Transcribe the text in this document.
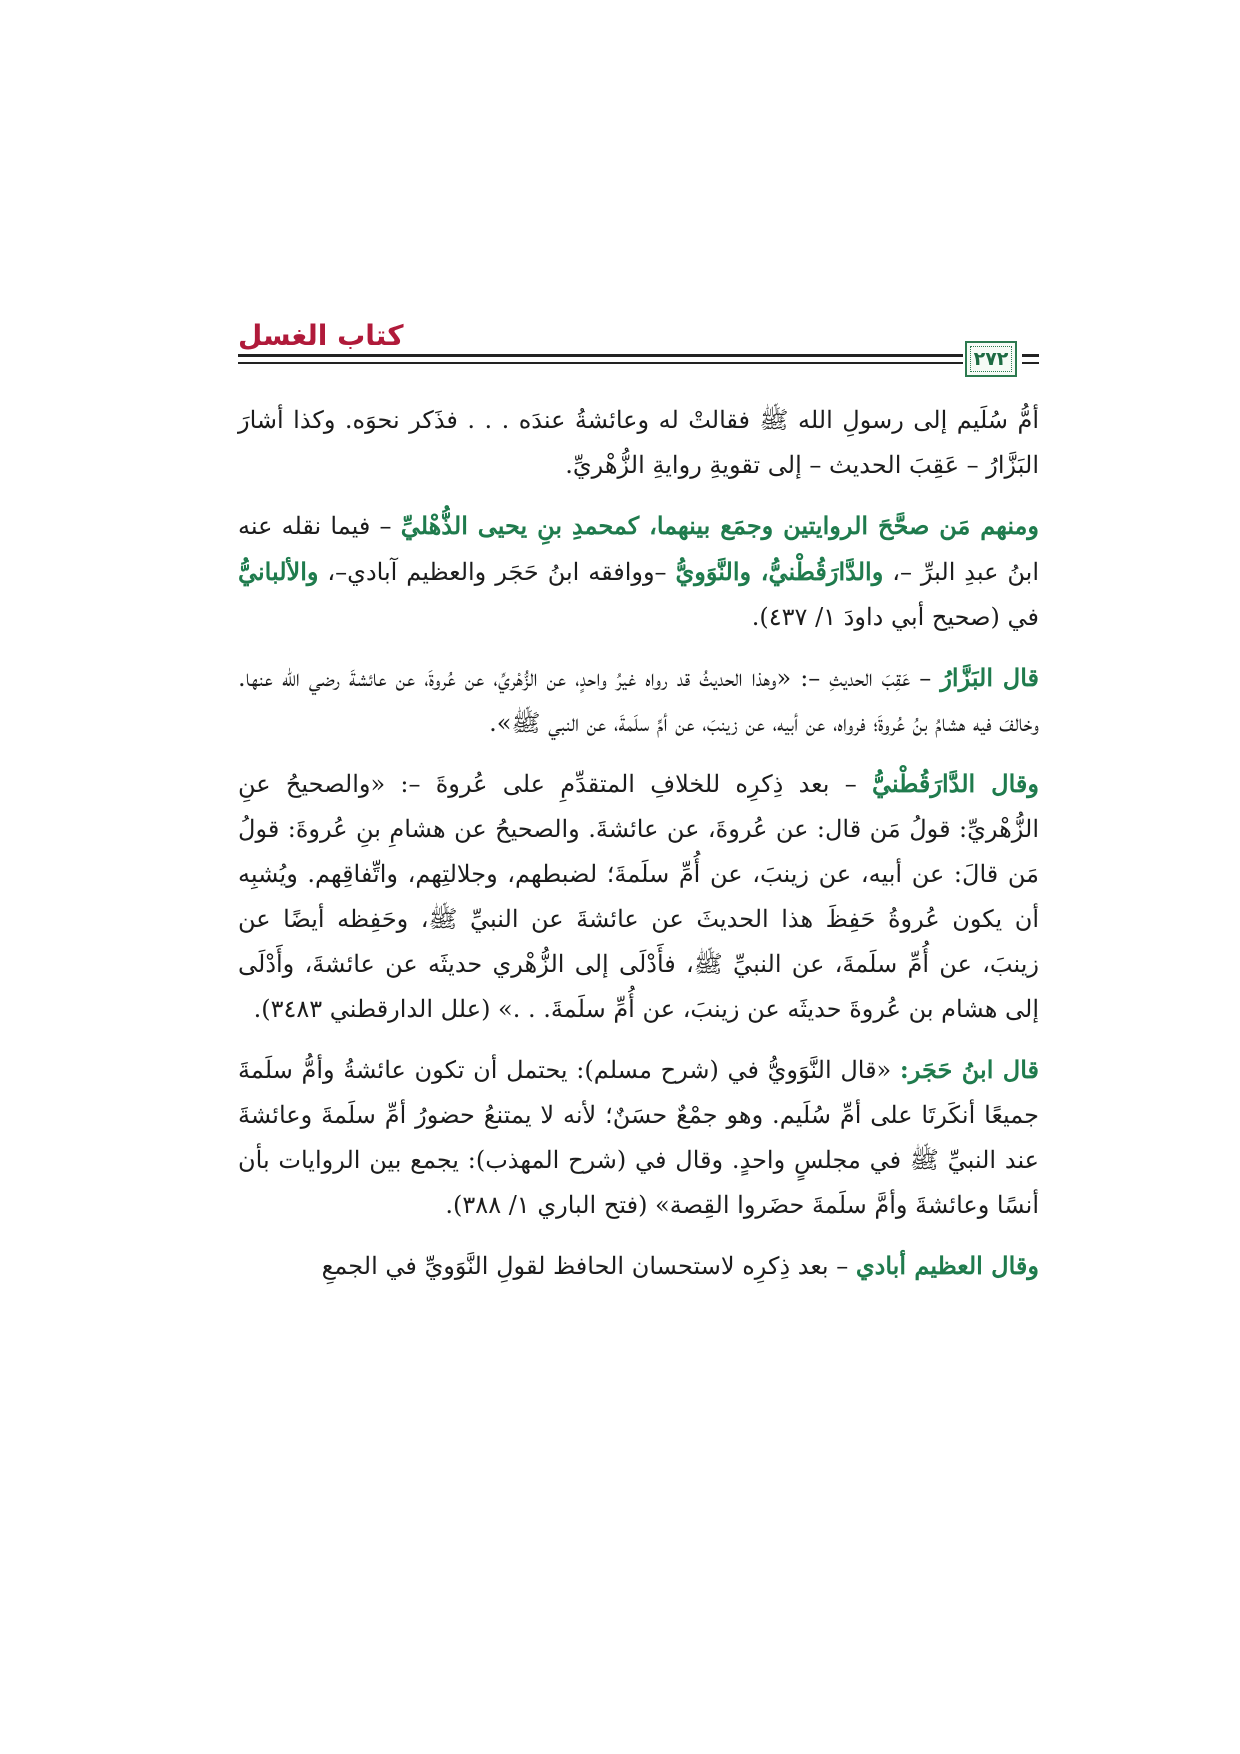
كتاب الغسل
٢٧٢

أمُّ سُلَيم إلى رسولِ الله ﷺ فقالتْ له وعائشةُ عندَه . . . فذَكر نحوَه. وكذا أشارَ البَزَّارُ – عَقِبَ الحديث – إلى تقويةِ روايةِ الزُّهْريِّ.

ومنهم مَن صحَّحَ الروايتين وجمَع بينهما، كمحمدِ بنِ يحيى الذُّهْليِّ – فيما نقله عنه ابنُ عبدِ البرِّ –، والدَّارَقُطْنيُّ، والنَّوَويُّ –ووافقه ابنُ حَجَر والعظيم آبادي–، والألبانيُّ في (صحيح أبي داودَ ١/ ٤٣٧).

قال البَزَّارُ – عَقِبَ الحديثِ –: «وهذا الحديثُ قد رواه غيرُ واحدٍ، عن الزُّهْريِّ، عن عُروةَ، عن عائشةَ رضي الله عنها. وخالفَ فيه هشامُ بنُ عُروةَ؛ فرواه، عن أبيه، عن زينبَ، عن أمِّ سلَمةَ، عن النبي ﷺ».

وقال الدَّارَقُطْنيُّ – بعد ذِكرِه للخلافِ المتقدِّمِ على عُروةَ –: «والصحيحُ عنِ الزُّهْريِّ: قولُ مَن قال: عن عُروةَ، عن عائشةَ. والصحيحُ عن هشامِ بنِ عُروةَ: قولُ مَن قالَ: عن أبيه، عن زينبَ، عن أُمِّ سلَمةَ؛ لضبطهم، وجلالتِهم، واتِّفاقِهم. ويُشبِه أن يكون عُروةُ حَفِظَ هذا الحديثَ عن عائشةَ عن النبيِّ ﷺ، وحَفِظه أيضًا عن زينبَ، عن أُمِّ سلَمةَ، عن النبيِّ ﷺ، فأَدْلَى إلى الزُّهْري حديثَه عن عائشةَ، وأَدْلَى إلى هشام بن عُروةَ حديثَه عن زينبَ، عن أُمِّ سلَمةَ. . .» (علل الدارقطني ٣٤٨٣).

قال ابنُ حَجَر: «قال النَّوَويُّ في (شرح مسلم): يحتمل أن تكون عائشةُ وأمُّ سلَمةَ جميعًا أنكَرتَا على أمِّ سُلَيم. وهو جمْعٌ حسَنٌ؛ لأنه لا يمتنعُ حضورُ أمِّ سلَمةَ وعائشةَ عند النبيِّ ﷺ في مجلسٍ واحدٍ. وقال في (شرح المهذب): يجمع بين الروايات بأن أنسًا وعائشةَ وأمَّ سلَمةَ حضَروا القِصة» (فتح الباري ١/ ٣٨٨).

وقال العظيم أبادي – بعد ذِكرِه لاستحسان الحافظ لقولِ النَّوَويِّ في الجمعِ
